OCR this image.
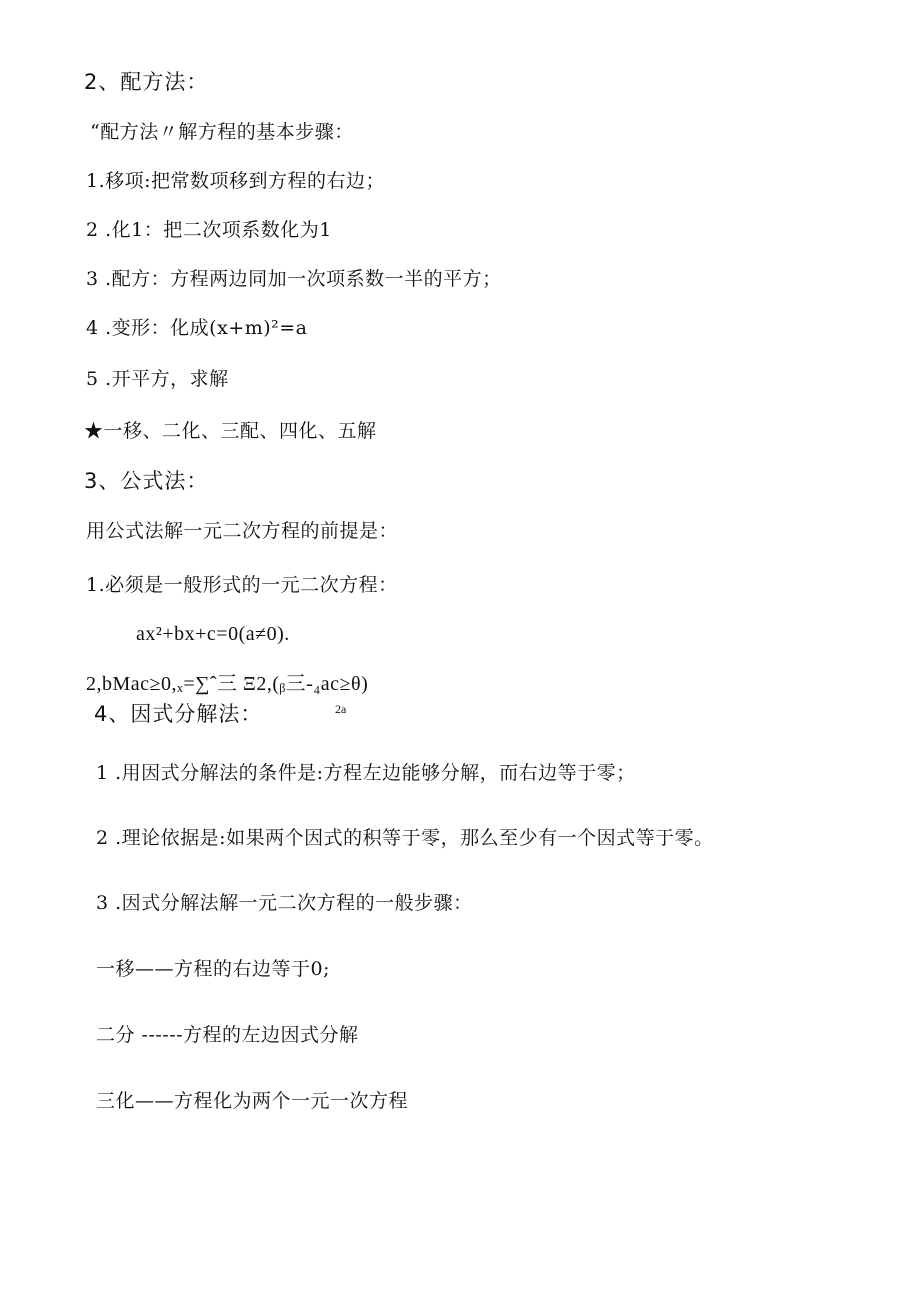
2、配方法：
“配方法〃解方程的基本步骤：
1.移项:把常数项移到方程的右边；
2 .化1：把二次项系数化为1
3 .配方：方程两边同加一次项系数一半的平方；
4 .变形：化成(x+m)²=a
5 .开平方，求解
★一移、二化、三配、四化、五解
3、公式法：
用公式法解一元二次方程的前提是：
1.必须是一般形式的一元二次方程：
ax²+bx+c=0(a≠0).
2,bMac≥0,ₓ=∑ˆ三 Ξ2,(ᵦ三-₄ac≥θ)
2a
4、因式分解法：
1 .用因式分解法的条件是:方程左边能够分解，而右边等于零；
2 .理论依据是:如果两个因式的积等于零，那么至少有一个因式等于零。
3 .因式分解法解一元二次方程的一般步骤：
一移——方程的右边等于0;
二分 ------方程的左边因式分解
三化——方程化为两个一元一次方程
